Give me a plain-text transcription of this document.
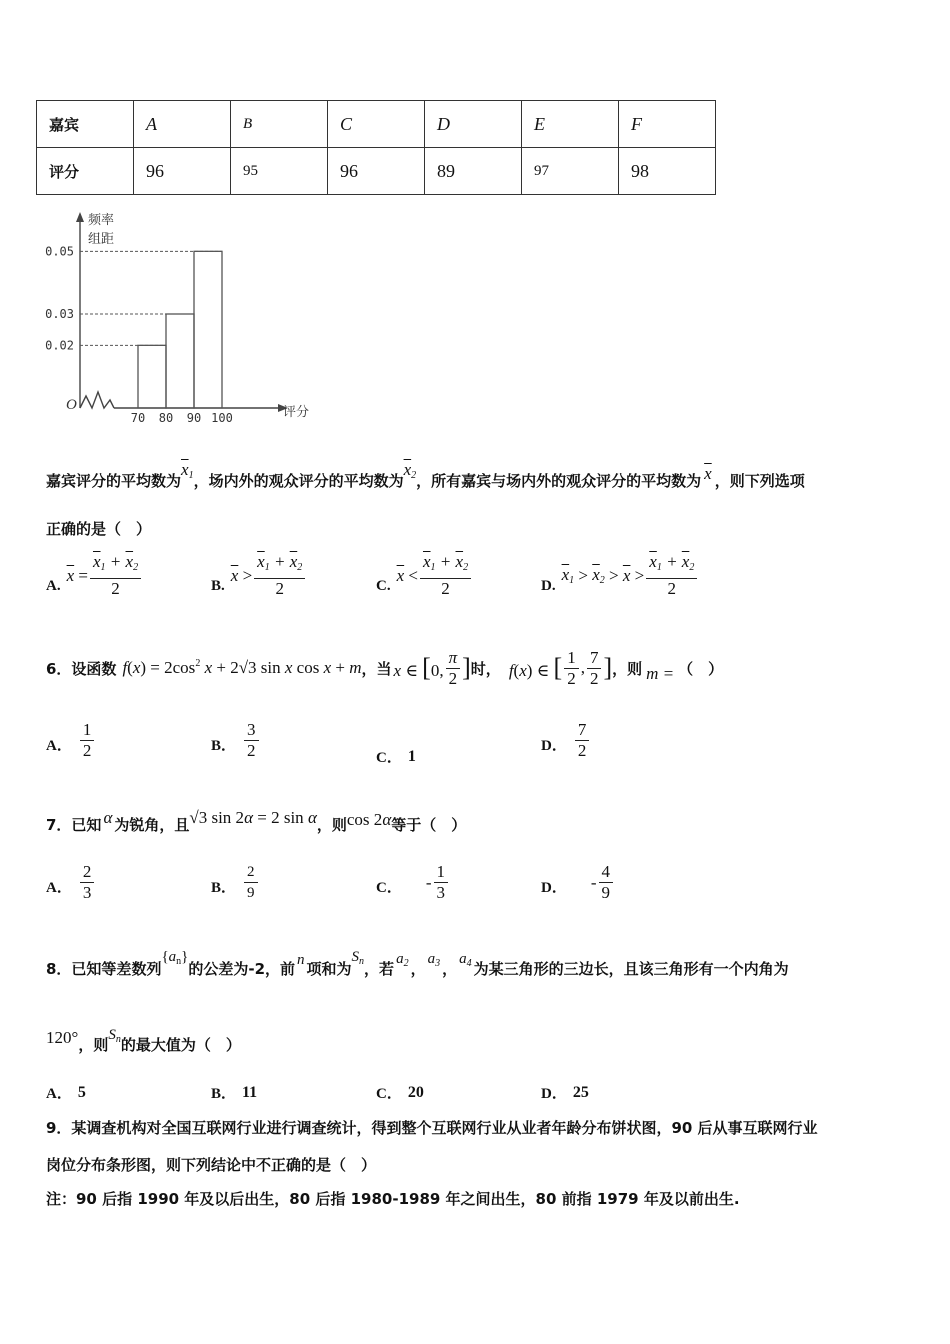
嘉宾	A	B	C	D	E	F
评分	96	95	96	89	97	98
频率
组距
O	评分
0.02
0.03
0.05
70 80 90 100
嘉宾评分的平均数为
$\overline{x}_1$ ，场内外的观众评分的平均数为
$\overline{x}_2$ ，所有嘉宾与场内外的观众评分的平均数为 $\overline{x}$ ，则下列选项
正确的是（　）
A.
$\overline{x} = \frac{\overline{x}_1 + \overline{x}_2}{2}$	B.
$\overline{x} > \frac{\overline{x}_1 + \overline{x}_2}{2}$	C.
$\overline{x} < \frac{\overline{x}_1 + \overline{x}_2}{2}$	D.
$\overline{x}_1 > \overline{x}_2 > \overline{x} > \frac{\overline{x}_1 + \overline{x}_2}{2}$
6．设函数 $f(x) = 2\cos^2$ x + 2√3 sin x cos x + m ，当 x ∈ [0, $\frac{\pi}{2}$ ] 时， f(x) ∈ [ $\frac{1}{2}$ , $\frac{7}{2}$ ] ，则 m = （　）
A． $\frac{1}{2}$	B． $\frac{3}{2}$	C． 1
D． $\frac{7}{2}$
7．已知 α 为锐角，且 √3 sin 2α = 2 sin α ，则 cos 2α 等于（　）
A． $\frac{2}{3}$	B． $\frac{2}{9}$	C． - $\frac{1}{3}$	D． - $\frac{4}{9}$
8．已知等差数列
$\{a_n\}$
的公差为-2，前 n 项和为
$S_n$ ，若
$a_2$ ，
$a_3$ ，
$a_4$ 为某三角形的三边长，且该三角形有一个内角为
120° ，则
$S_n$ 的最大值为（　）
A． 5	B． 11	C． 20	D． 25
9．某调查机构对全国互联网行业进行调查统计，得到整个互联网行业从业者年龄分布饼状图，90 后从事互联网行业
岗位分布条形图，则下列结论中不正确的是（　）
注：90 后指 1990 年及以后出生，80 后指 1980-1989 年之间出生，80 前指 1979 年及以前出生.
